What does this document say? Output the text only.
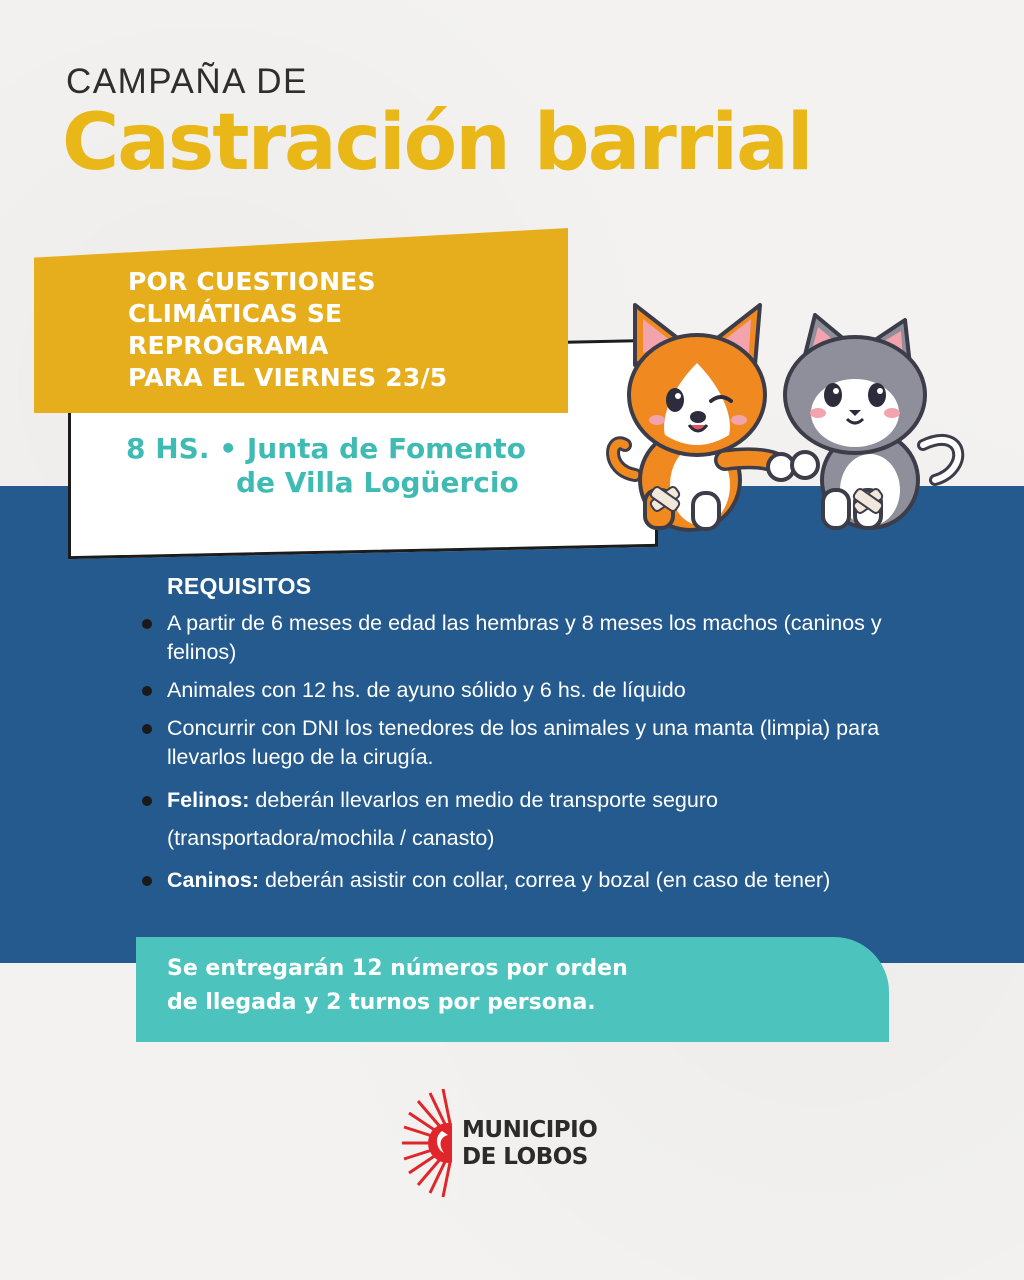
CAMPAÑA DE
Castración barrial
POR CUESTIONES
CLIMÁTICAS SE
REPROGRAMA
PARA EL VIERNES 23/5
8 HS. • Junta de Fomento
de Villa Logüercio
REQUISITOS
A partir de 6 meses de edad las hembras y 8 meses los machos (caninos y felinos)
Animales con 12 hs. de ayuno sólido y 6 hs. de líquido
Concurrir con DNI los tenedores de los animales y una manta (limpia) para llevarlos luego de la cirugía.
Felinos: deberán llevarlos en medio de transporte seguro
(transportadora/mochila / canasto)
Caninos: deberán asistir con collar, correa y bozal (en caso de tener)
Se entregarán 12 números por orden
de llegada y 2 turnos por persona.
MUNICIPIO
DE LOBOS
